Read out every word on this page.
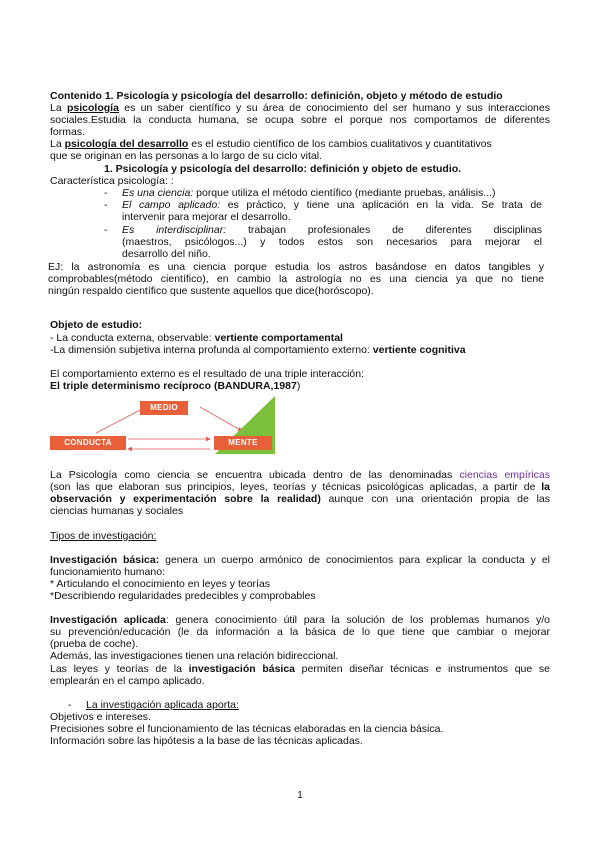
Contenido 1. Psicología y psicología del desarrollo: definición, objeto y método de estudio
La psicología es un saber científico y su área de conocimiento del ser humano y sus interacciones
sociales.Estudia la conducta humana, se ocupa sobre el porque nos comportamos de diferentes
formas.
La psicología del desarrollo es el estudio científico de los cambios cualitativos y cuantitativos
que se originan en las personas a lo largo de su ciclo vital.
1. Psicología y psicología del desarrollo: definición y objeto de estudio.
Característica psicología: :
- Es una ciencia: porque utiliza el método científico (mediante pruebas, análisis...)
- El campo aplicado: es práctico, y tiene una aplicación en la vida. Se trata de
intervenir para mejorar el desarrollo.
- Es interdisciplinar: trabajan profesionales de diferentes disciplinas
(maestros, psicólogos...) y todos estos son necesarios para mejorar el
desarrollo del niño.
EJ: la astronomía es una ciencia porque estudia los astros basándose en datos tangibles y
comprobables(método científico), en cambio la astrología no es una ciencia ya que no tiene
ningún respaldo científico que sustente aquellos que dice(horóscopo).
Objeto de estudio:
- La conducta externa, observable: vertiente comportamental
-La dimensión subjetiva interna profunda al comportamiento externo: vertiente cognitiva
El comportamiento externo es el resultado de una triple interacción:
El triple determinismo recíproco (BANDURA,1987)
MEDIO
CONDUCTA	MENTE
La Psicología como ciencia se encuentra ubicada dentro de las denominadas ciencias empíricas
(son las que elaboran sus principios, leyes, teorías y técnicas psicológicas aplicadas, a partir de la
observación y experimentación sobre la realidad) aunque con una orientación propia de las
ciencias humanas y sociales
Tipos de investigación:
Investigación básica: genera un cuerpo armónico de conocimientos para explicar la conducta y el
funcionamiento humano:
* Articulando el conocimiento en leyes y teorías
*Describiendo regularidades predecibles y comprobables
Investigación aplicada: genera conocimiento útil para la solución de los problemas humanos y/o
su prevención/educación (le da información a la básica de lo que tiene que cambiar o mejorar
(prueba de coche).
Además, las investigaciones tienen una relación bidireccional.
Las leyes y teorías de la investigación básica permiten diseñar técnicas e instrumentos que se
emplearán en el campo aplicado.
- La investigación aplicada aporta:
Objetivos e intereses.
Precisiones sobre el funcionamiento de las técnicas elaboradas en la ciencia básica.
Información sobre las hipótesis a la base de las técnicas aplicadas.
1
